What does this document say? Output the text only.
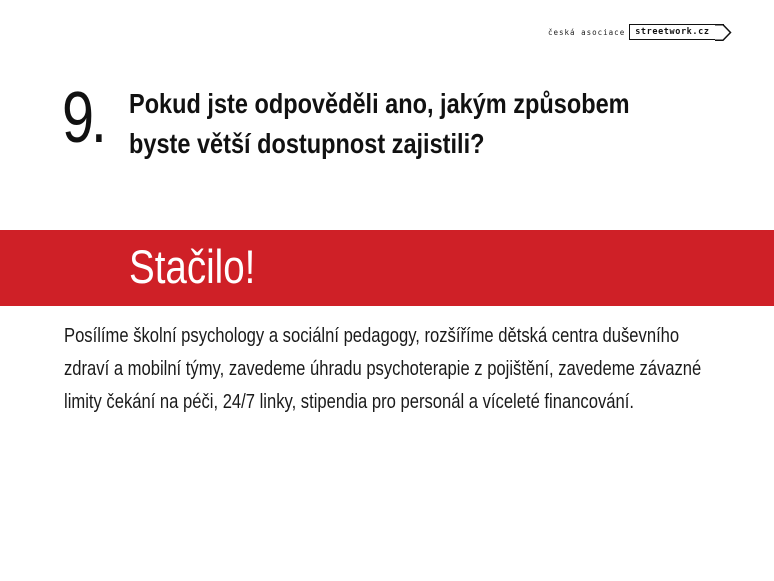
česká asociace streetwork.cz
9. Pokud jste odpověděli ano, jakým způsobem byste větší dostupnost zajistili?
Stačilo!
Posílíme školní psychology a sociální pedagogy, rozšíříme dětská centra duševního zdraví a mobilní týmy, zavedeme úhradu psychoterapie z pojištění, zavedeme závazné limity čekání na péči, 24/7 linky, stipendia pro personál a víceleté financování.
